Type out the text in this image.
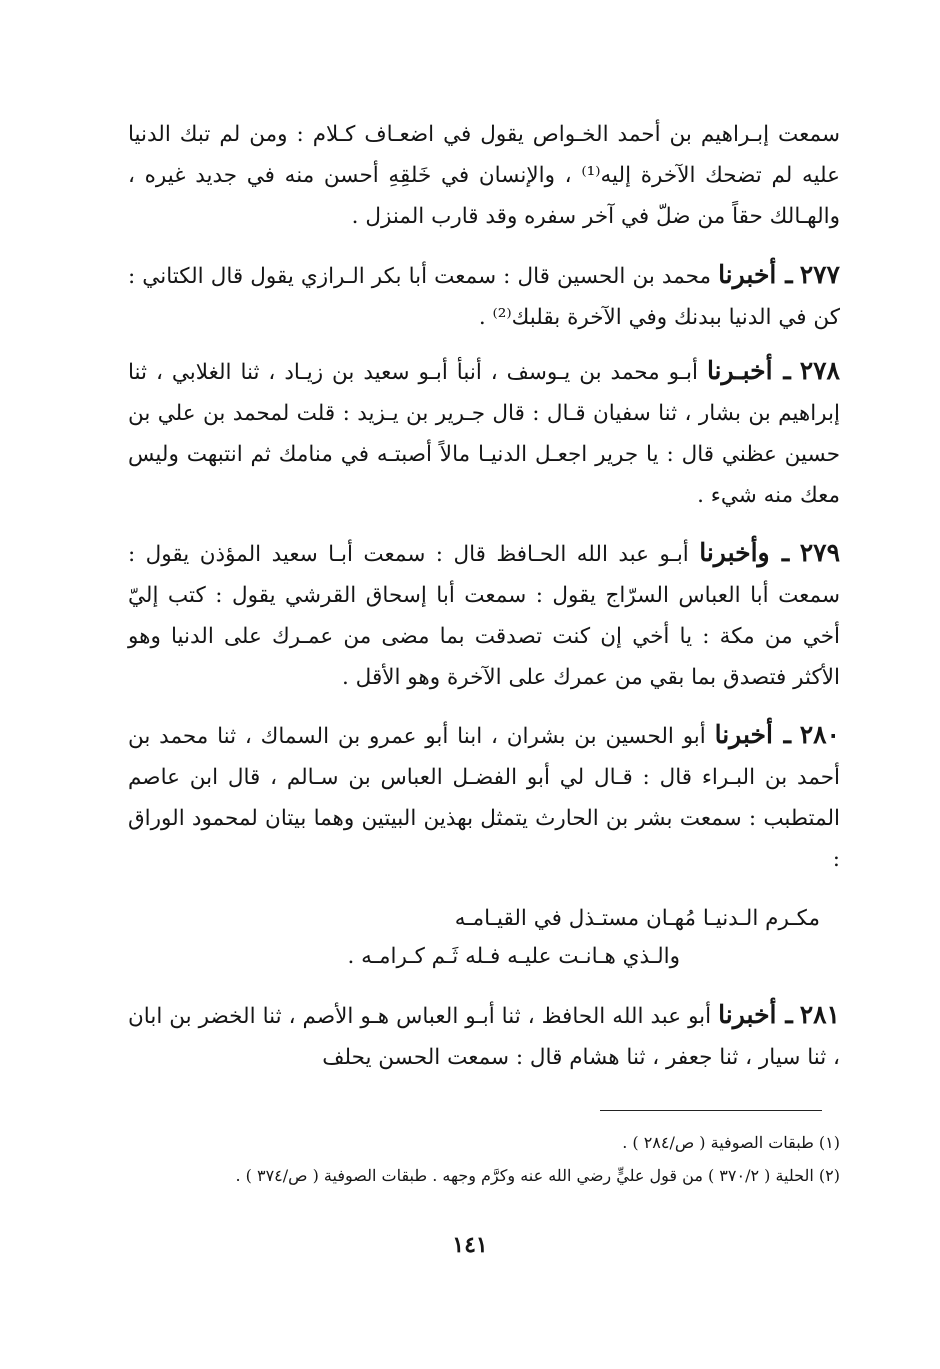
سمعت إبـراهيم بن أحمد الخـواص يقول في اضعـاف كـلام : ومن لم تبك الدنيا عليه لم تضحك الآخرة إليه⁽¹⁾ ، والإنسان في خَلقِهِ أحسن منه في جديد غيره ، والهـالك حقاً من ضلّ في آخر سفره وقد قارب المنزل .

٢٧٧ ـ أخبرنا محمد بن الحسين قال : سمعت أبا بكر الـرازي يقول قال الكتاني : كن في الدنيا ببدنك وفي الآخرة بقلبك⁽²⁾ .

٢٧٨ ـ أخبـرنا أبـو محمد بن يـوسف ، أنبأ أبـو سعيد بن زيـاد ، ثنا الغلابي ، ثنا إبراهيم بن بشار ، ثنا سفيان قـال : قال جـرير بن يـزيد : قلت لمحمد بن علي بن حسين عظني قال : يا جرير اجعـل الدنيـا مالاً أصبتـه في منامك ثم انتبهت وليس معك منه شيء .

٢٧٩ ـ وأخبرنا أبـو عبد الله الحـافظ قال : سمعت أبـا سعيد المؤذن يقول : سمعت أبا العباس السرّاج يقول : سمعت أبا إسحاق القرشي يقول : كتب إليّ أخي من مكة : يا أخي إن كنت تصدقت بما مضى من عمـرك على الدنيا وهو الأكثر فتصدق بما بقي من عمرك على الآخرة وهو الأقل .

٢٨٠ ـ أخبرنا أبو الحسين بن بشران ، ابنا أبو عمرو بن السماك ، ثنا محمد بن أحمد بن البـراء قال : قـال لي أبو الفضـل العباس بن سـالم ، قال ابن عاصم المتطبب : سمعت بشر بن الحارث يتمثل بهذين البيتين وهما بيتان لمحمود الوراق :

مكـرم الـدنيـا مُهـان مستـذل في القيـامـه
والـذي هـانـت عليـه فـله ثَـم كـرامـه .

٢٨١ ـ أخبرنا أبو عبد الله الحافظ ، ثنا أبـو العباس هـو الأصم ، ثنا الخضر بن ابان ، ثنا سيار ، ثنا جعفر ، ثنا هشام قال : سمعت الحسن يحلف

(١) طبقات الصوفية ( ص/٢٨٤ ) .
(٢) الحلية ( ٣٧٠/٢ ) من قول عليٍّ رضي الله عنه وكرَّم وجهه . طبقات الصوفية ( ص/٣٧٤ ) .
١٤١
